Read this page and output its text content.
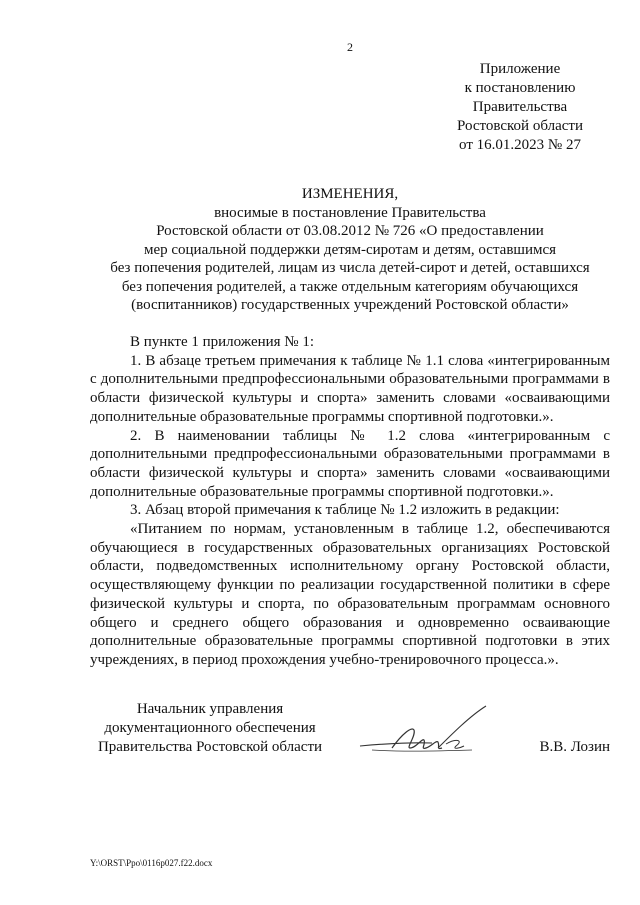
2
Приложение
к постановлению
Правительства
Ростовской области
от 16.01.2023 № 27
ИЗМЕНЕНИЯ,
вносимые в постановление Правительства
Ростовской области от 03.08.2012 № 726 «О предоставлении
мер социальной поддержки детям-сиротам и детям, оставшимся
без попечения родителей, лицам из числа детей-сирот и детей, оставшихся
без попечения родителей, а также отдельным категориям обучающихся
(воспитанников) государственных учреждений Ростовской области»

В пункте 1 приложения № 1:

1. В абзаце третьем примечания к таблице № 1.1 слова «интегрированным с дополнительными предпрофессиональными образовательными программами в области физической культуры и спорта» заменить словами «осваивающими дополнительные образовательные программы спортивной подготовки.».

2. В наименовании таблицы № 1.2 слова «интегрированным с дополнительными предпрофессиональными образовательными программами в области физической культуры и спорта» заменить словами «осваивающими дополнительные образовательные программы спортивной подготовки.».

3. Абзац второй примечания к таблице № 1.2 изложить в редакции:

«Питанием по нормам, установленным в таблице 1.2, обеспечиваются обучающиеся в государственных образовательных организациях Ростовской области, подведомственных исполнительному органу Ростовской области, осуществляющему функции по реализации государственной политики в сфере физической культуры и спорта, по образовательным программам основного общего и среднего общего образования и одновременно осваивающие дополнительные образовательные программы спортивной подготовки в этих учреждениях, в период прохождения учебно-тренировочного процесса.».

Начальник управления
документационного обеспечения
Правительства Ростовской области	В.В. Лозин
Y:\ORST\Ppo\0116p027.f22.docx
